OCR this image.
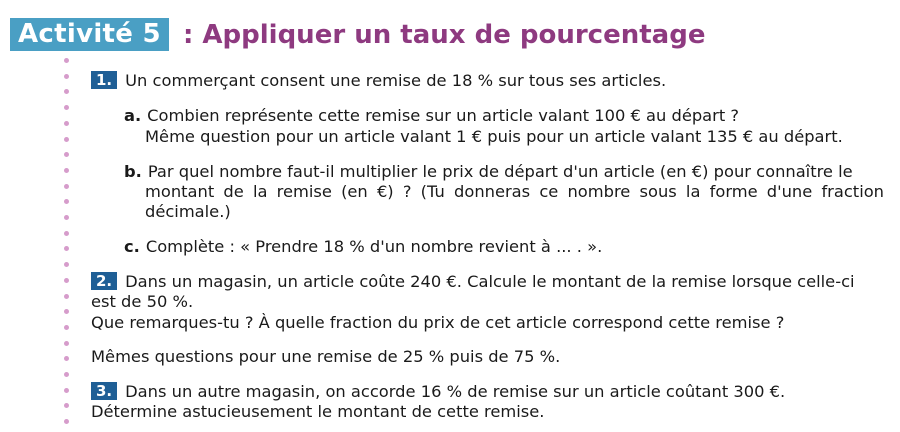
Activité 5 : Appliquer un taux de pourcentage
1. Un commerçant consent une remise de 18 % sur tous ses articles.
a. Combien représente cette remise sur un article valant 100 € au départ ?
Même question pour un article valant 1 € puis pour un article valant 135 € au départ.
b. Par quel nombre faut-il multiplier le prix de départ d'un article (en €) pour connaître le
montant de la remise (en €) ? (Tu donneras ce nombre sous la forme d'une fraction
décimale.)
c. Complète : « Prendre 18 % d'un nombre revient à ... . ».
2. Dans un magasin, un article coûte 240 €. Calcule le montant de la remise lorsque celle-ci
est de 50 %.
Que remarques-tu ? À quelle fraction du prix de cet article correspond cette remise ?
Mêmes questions pour une remise de 25 % puis de 75 %.
3. Dans un autre magasin, on accorde 16 % de remise sur un article coûtant 300 €.
Détermine astucieusement le montant de cette remise.
